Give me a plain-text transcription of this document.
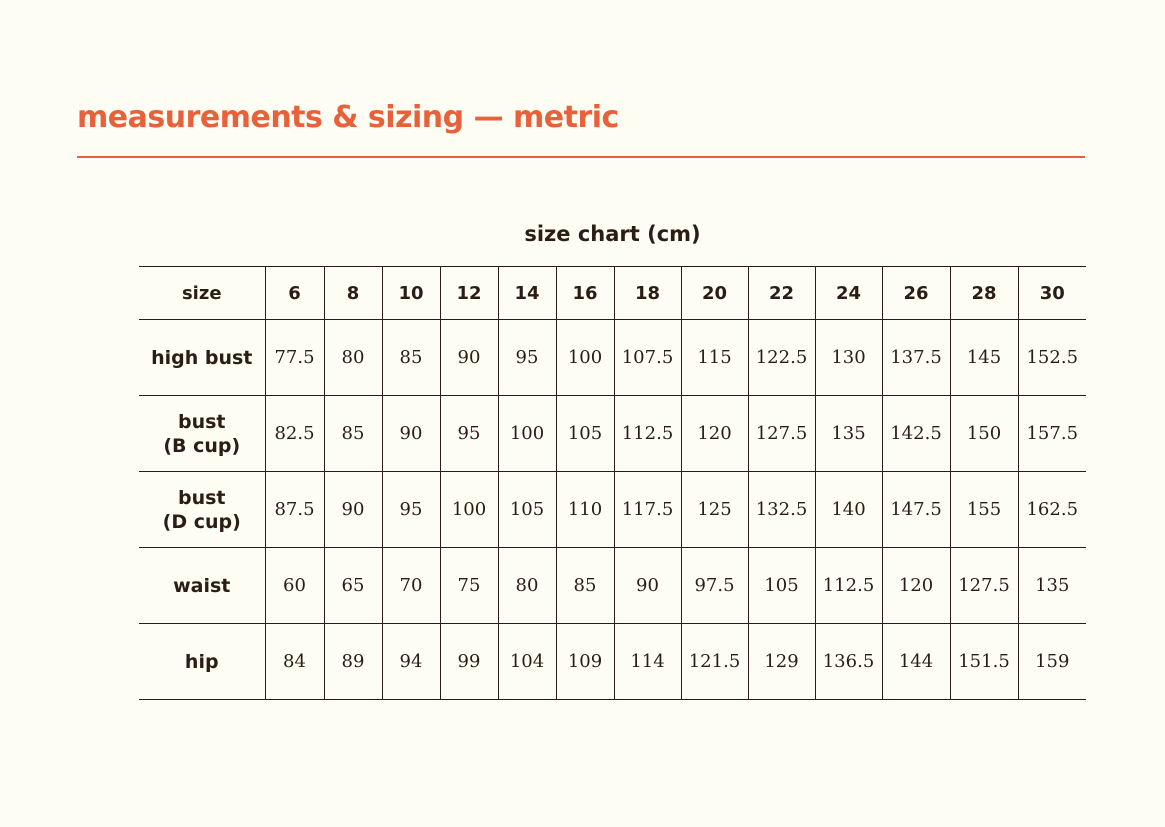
measurements & sizing — metric
size chart (cm)
size	6	8	10	12	14	16	18	20	22	24	26	28	30
high bust	77.5	80	85	90	95	100	107.5	115	122.5	130	137.5	145	152.5
bust
(B cup)	82.5	85	90	95	100	105	112.5	120	127.5	135	142.5	150	157.5
bust
(D cup)	87.5	90	95	100	105	110	117.5	125	132.5	140	147.5	155	162.5
waist	60	65	70	75	80	85	90	97.5	105	112.5	120	127.5	135
hip	84	89	94	99	104	109	114	121.5	129	136.5	144	151.5	159
